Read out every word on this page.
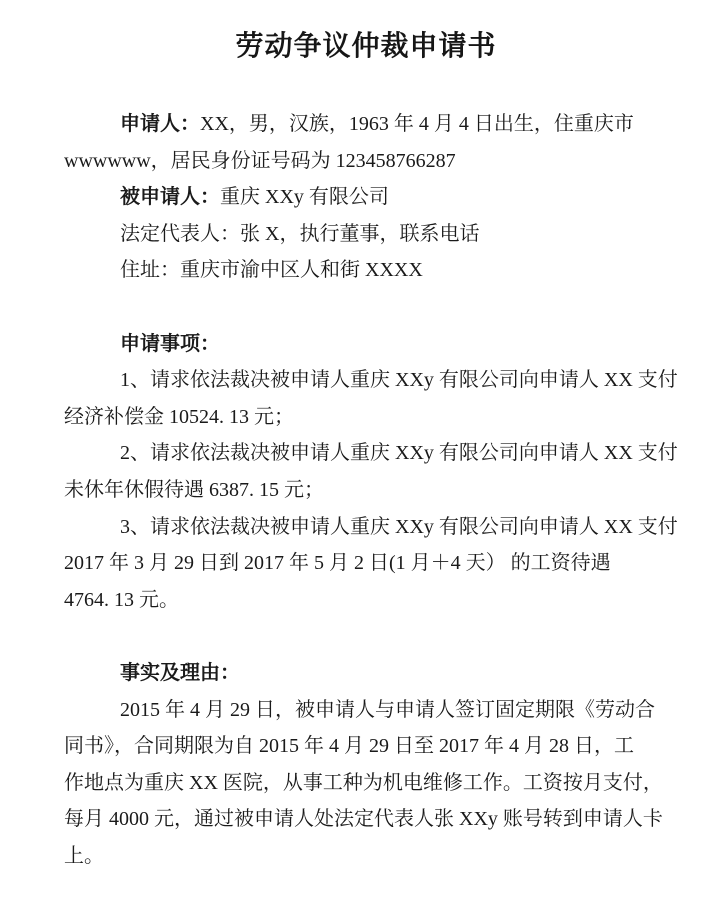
劳动争议仲裁申请书
申请人：XX，男，汉族，1963 年 4 月 4 日出生，住重庆市
wwwwww，居民身份证号码为 123458766287
被申请人：重庆 XXy 有限公司
法定代表人：张 X，执行董事，联系电话
住址：重庆市渝中区人和街 XXXX
申请事项：
1、请求依法裁决被申请人重庆 XXy 有限公司向申请人 XX 支付
经济补偿金 10524. 13 元；
2、请求依法裁决被申请人重庆 XXy 有限公司向申请人 XX 支付
未休年休假待遇 6387. 15 元；
3、请求依法裁决被申请人重庆 XXy 有限公司向申请人 XX 支付
2017 年 3 月 29 日到 2017 年 5 月 2 日(1 月＋4 天） 的工资待遇
4764. 13 元。
事实及理由：
2015 年 4 月 29 日，被申请人与申请人签订固定期限《劳动合
同书》，合同期限为自 2015 年 4 月 29 日至 2017 年 4 月 28 日，工
作地点为重庆 XX 医院，从事工种为机电维修工作。工资按月支付，
每月 4000 元，通过被申请人处法定代表人张 XXy 账号转到申请人卡
上。
